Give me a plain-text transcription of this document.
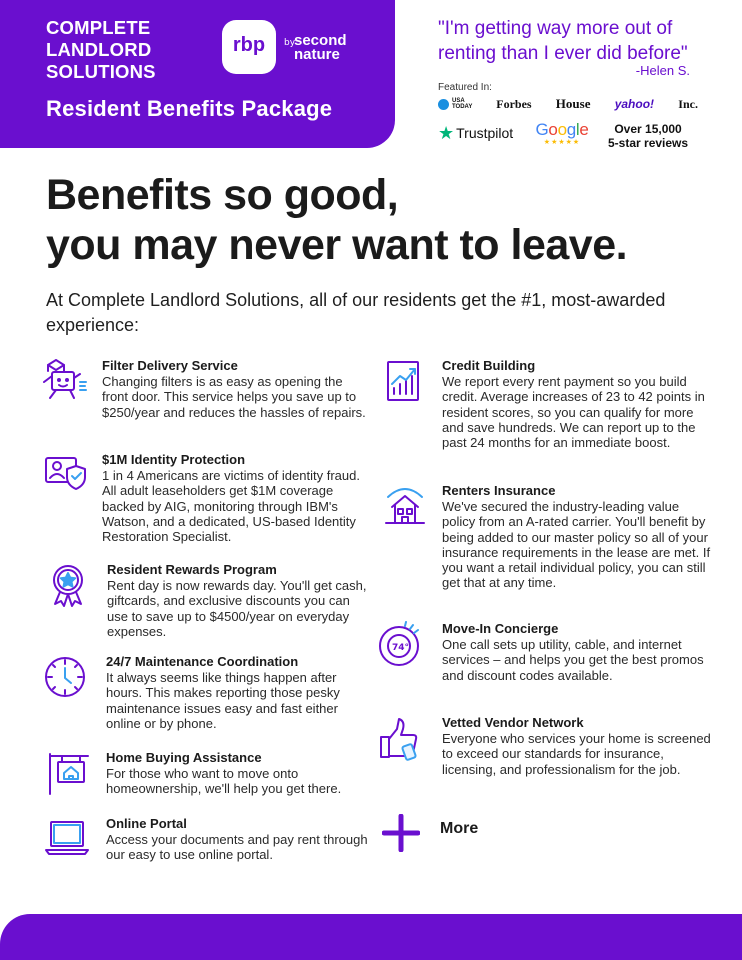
COMPLETE
LANDLORD
SOLUTIONS
rbp	by
second nature
Resident Benefits Package
"I'm getting way more out of renting than I ever did before"
-Helen S.
Featured In:
USA TODAY Forbes House yahoo! Inc.
★ Trustpilot Google
★★★★★
Over 15,000
5-star reviews
Benefits so good,
you may never want to leave.
At Complete Landlord Solutions, all of our residents get the #1, most-awarded experience:
Filter Delivery Service
Changing filters is as easy as opening the front door. This service helps you save up to $250/year and reduces the hassles of repairs.
$1M Identity Protection
1 in 4 Americans are victims of identity fraud. All adult leaseholders get $1M coverage backed by AIG, monitoring through IBM's Watson, and a dedicated, US-based Identity Restoration Specialist.
Resident Rewards Program
Rent day is now rewards day. You'll get cash, giftcards, and exclusive discounts you can use to save up to $4500/year on everyday expenses.
24/7 Maintenance Coordination
It always seems like things happen after hours. This makes reporting those pesky maintenance issues easy and fast either online or by phone.
Home Buying Assistance
For those who want to move onto homeownership, we'll help you get there.
Online Portal
Access your documents and pay rent through our easy to use online portal.
Credit Building
We report every rent payment so you build credit. Average increases of 23 to 42 points in resident scores, so you can qualify for more and save hundreds. We can report up to the past 24 months for an immediate boost.
Renters Insurance
We've secured the industry-leading value policy from an A-rated carrier. You'll benefit by being added to our master policy so all of your insurance requirements in the lease are met. If you want a retail individual policy, you can still get that at any time.
74°
Move-In Concierge
One call sets up utility, cable, and internet services – and helps you get the best promos and discount codes available.
Vetted Vendor Network
Everyone who services your home is screened to exceed our standards for insurance, licensing, and professionalism for the job.
More
